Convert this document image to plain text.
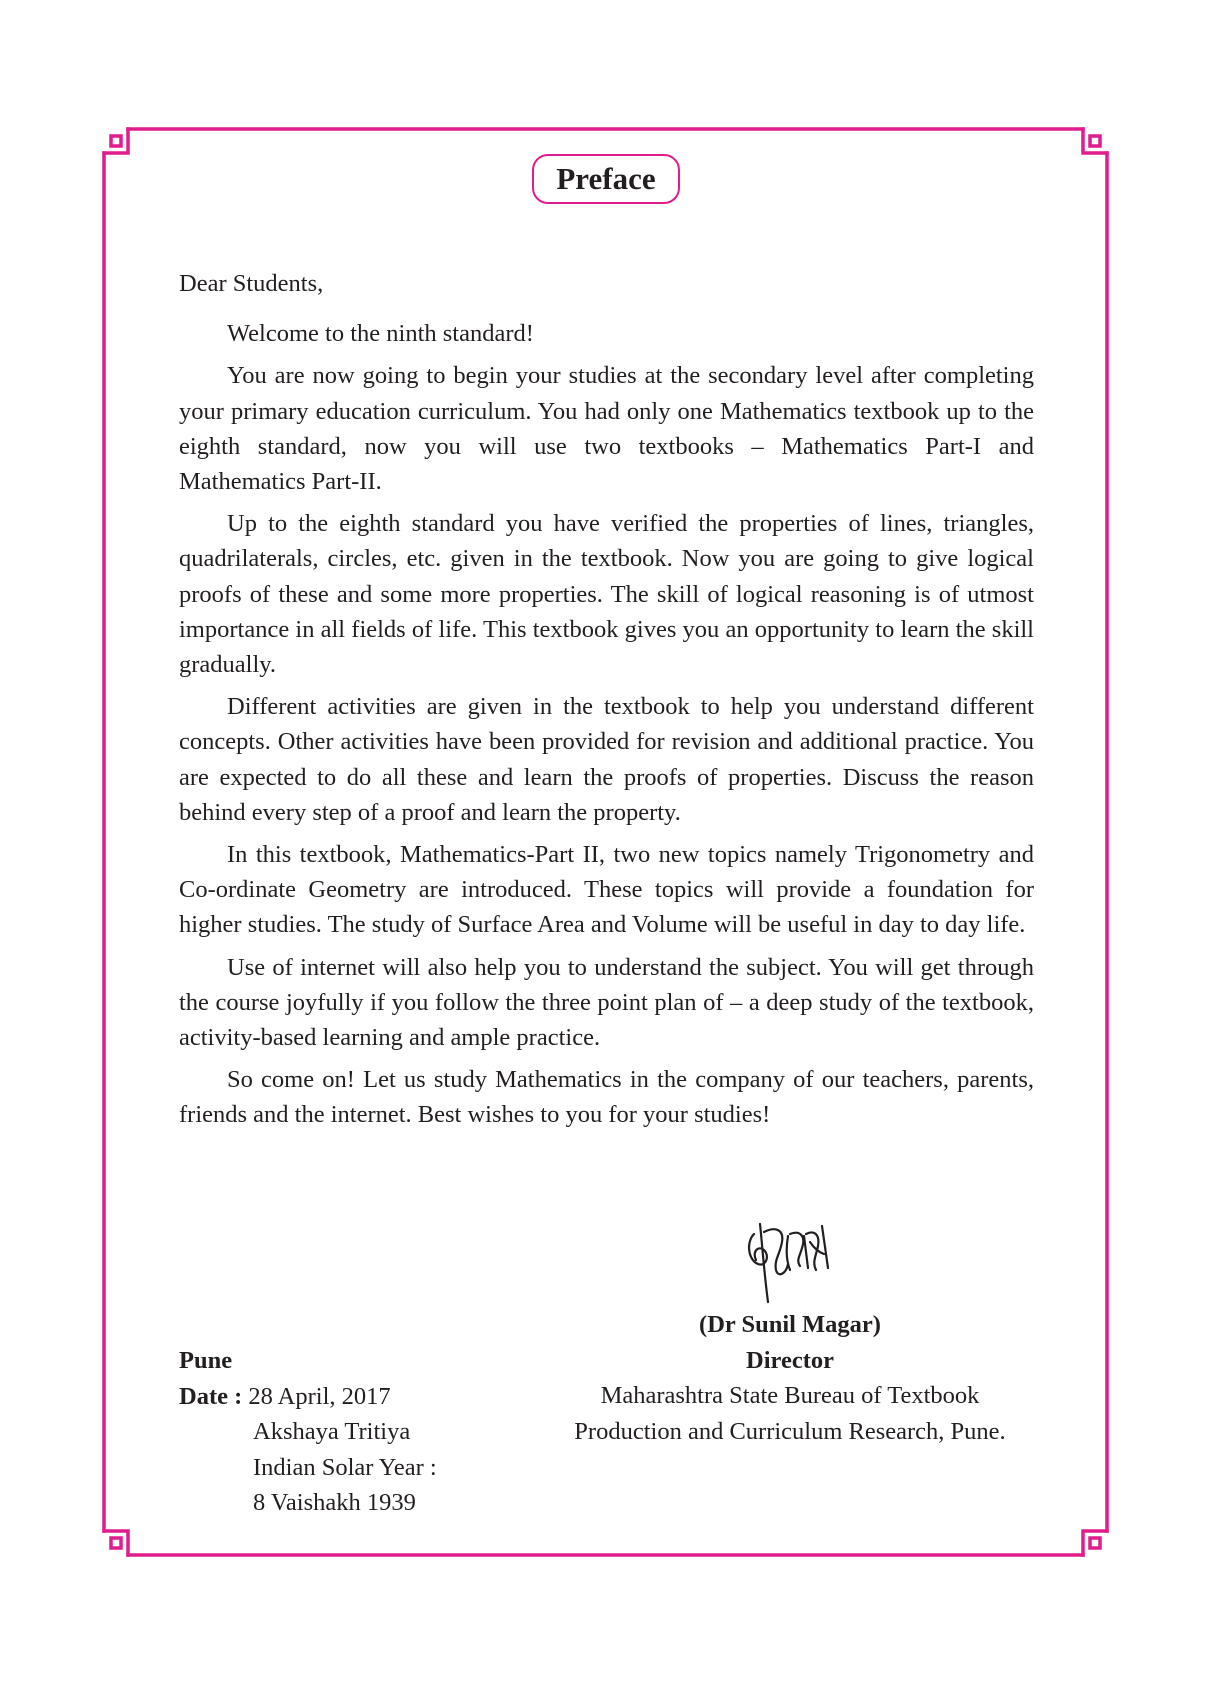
Preface

Dear Students,

Welcome to the ninth standard!

You are now going to begin your studies at the secondary level after completing your primary education curriculum. You had only one Mathematics textbook up to the eighth standard, now you will use two textbooks – Mathematics Part-I and Mathematics Part-II.

Up to the eighth standard you have verified the properties of lines, triangles, quadrilaterals, circles, etc. given in the textbook. Now you are going to give logical proofs of these and some more properties. The skill of logical reasoning is of utmost importance in all fields of life. This textbook gives you an opportunity to learn the skill gradually.

Different activities are given in the textbook to help you understand different concepts. Other activities have been provided for revision and additional practice. You are expected to do all these and learn the proofs of properties. Discuss the reason behind every step of a proof and learn the property.

In this textbook, Mathematics-Part II, two new topics namely Trigonometry and Co-ordinate Geometry are introduced. These topics will provide a foundation for higher studies. The study of Surface Area and Volume will be useful in day to day life.

Use of internet will also help you to understand the subject. You will get through the course joyfully if you follow the three point plan of – a deep study of the textbook, activity-based learning and ample practice.

So come on! Let us study Mathematics in the company of our teachers, parents, friends and the internet. Best wishes to you for your studies!

(Dr Sunil Magar)
Director
Maharashtra State Bureau of Textbook
Production and Curriculum Research, Pune.
Pune
Date : 28 April, 2017
Akshaya Tritiya
Indian Solar Year :
8 Vaishakh 1939
